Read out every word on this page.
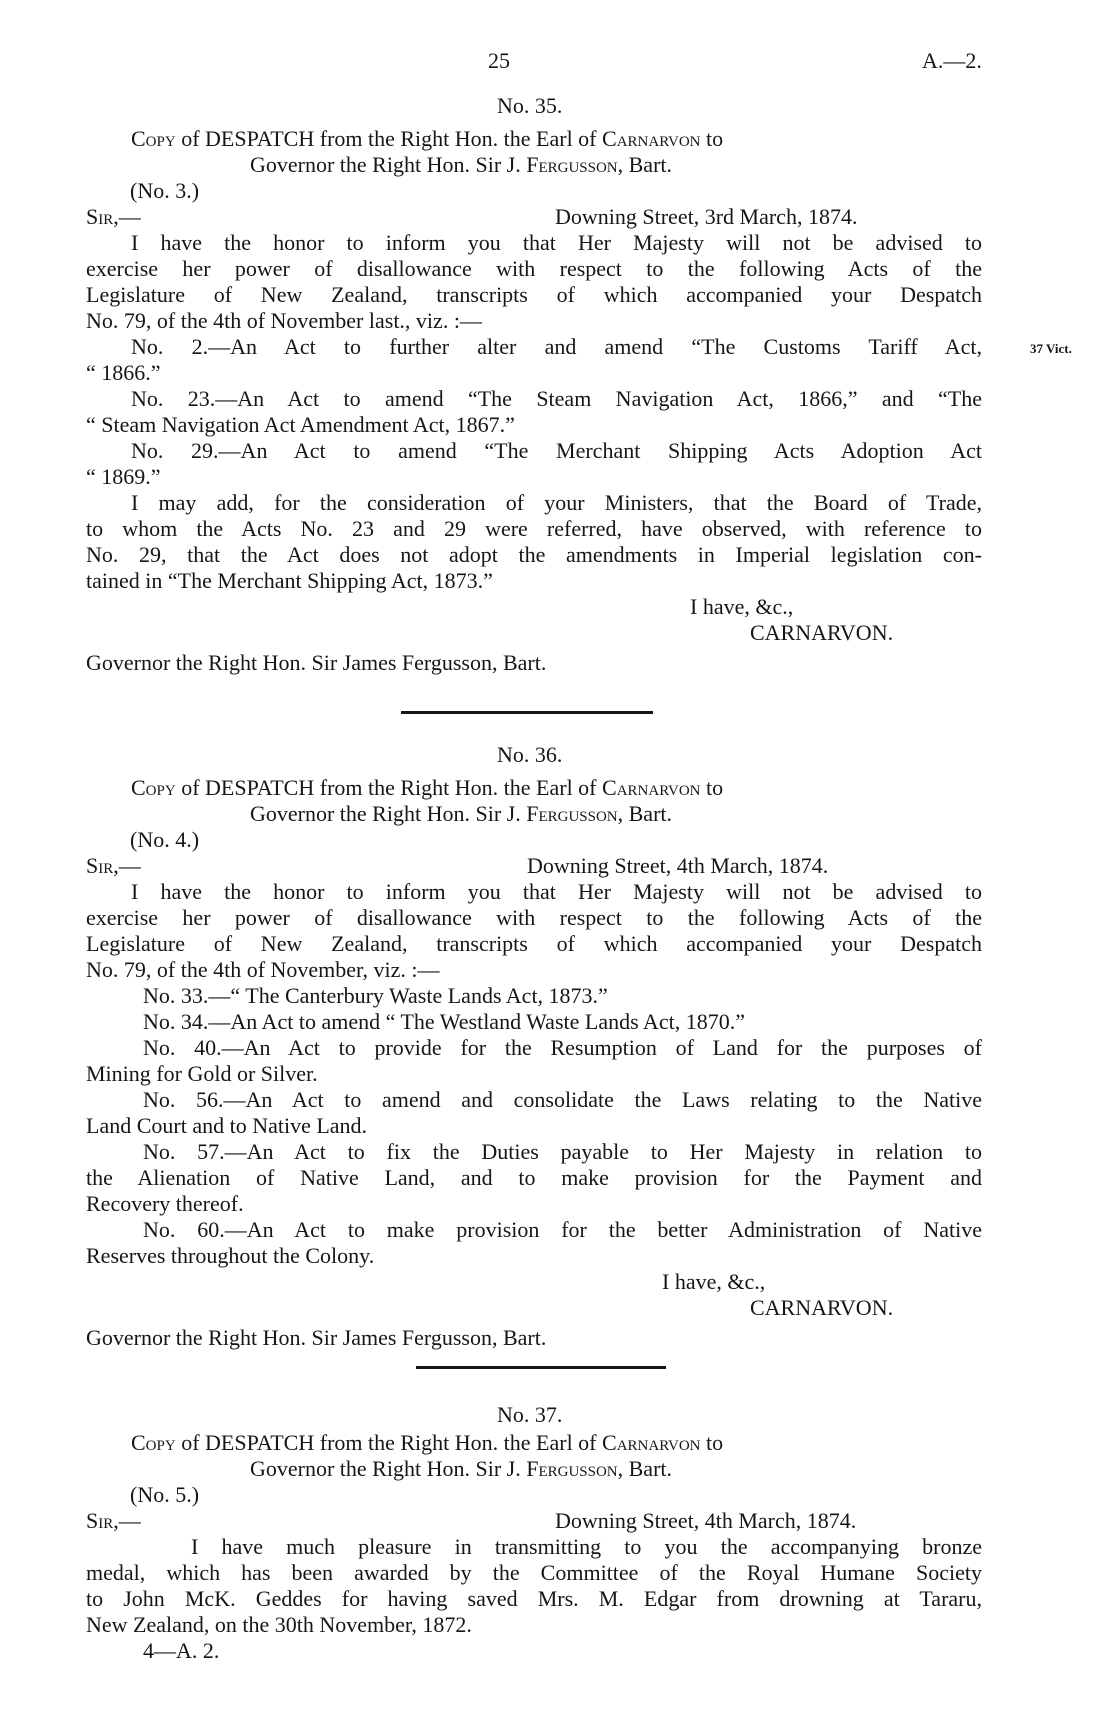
25	A.—2.
No. 35.
Copy of DESPATCH from the Right Hon. the Earl of Carnarvon to
Governor the Right Hon. Sir J. Fergusson, Bart.
(No. 3.)
Sir,—	Downing Street, 3rd March, 1874.
I have the honor to inform you that Her Majesty will not be advised to
exercise her power of disallowance with respect to the following Acts of the
Legislature of New Zealand, transcripts of which accompanied your Despatch
No. 79, of the 4th of November last., viz. :—
No. 2.—An Act to further alter and amend “The Customs Tariff Act,
“ 1866.”
No. 23.—An Act to amend “The Steam Navigation Act, 1866,” and “The
“ Steam Navigation Act Amendment Act, 1867.”
No. 29.—An Act to amend “The Merchant Shipping Acts Adoption Act
“ 1869.”
I may add, for the consideration of your Ministers, that the Board of Trade,
to whom the Acts No. 23 and 29 were referred, have observed, with reference to
No. 29, that the Act does not adopt the amendments in Imperial legislation con-
tained in “The Merchant Shipping Act, 1873.”
37 Vict.
I have, &c.,
CARNARVON.
Governor the Right Hon. Sir James Fergusson, Bart.
No. 36.
Copy of DESPATCH from the Right Hon. the Earl of Carnarvon to
Governor the Right Hon. Sir J. Fergusson, Bart.
(No. 4.)
Sir,—	Downing Street, 4th March, 1874.
I have the honor to inform you that Her Majesty will not be advised to
exercise her power of disallowance with respect to the following Acts of the
Legislature of New Zealand, transcripts of which accompanied your Despatch
No. 79, of the 4th of November, viz. :—
No. 33.—“ The Canterbury Waste Lands Act, 1873.”
No. 34.—An Act to amend “ The Westland Waste Lands Act, 1870.”
No. 40.—An Act to provide for the Resumption of Land for the purposes of
Mining for Gold or Silver.
No. 56.—An Act to amend and consolidate the Laws relating to the Native
Land Court and to Native Land.
No. 57.—An Act to fix the Duties payable to Her Majesty in relation to
the Alienation of Native Land, and to make provision for the Payment and
Recovery thereof.
No. 60.—An Act to make provision for the better Administration of Native
Reserves throughout the Colony.
I have, &c.,
CARNARVON.
Governor the Right Hon. Sir James Fergusson, Bart.
No. 37.
Copy of DESPATCH from the Right Hon. the Earl of Carnarvon to
Governor the Right Hon. Sir J. Fergusson, Bart.
(No. 5.)
Sir,—	Downing Street, 4th March, 1874.
I have much pleasure in transmitting to you the accompanying bronze
medal, which has been awarded by the Committee of the Royal Humane Society
to John McK. Geddes for having saved Mrs. M. Edgar from drowning at Tararu,
New Zealand, on the 30th November, 1872.
4—A. 2.
